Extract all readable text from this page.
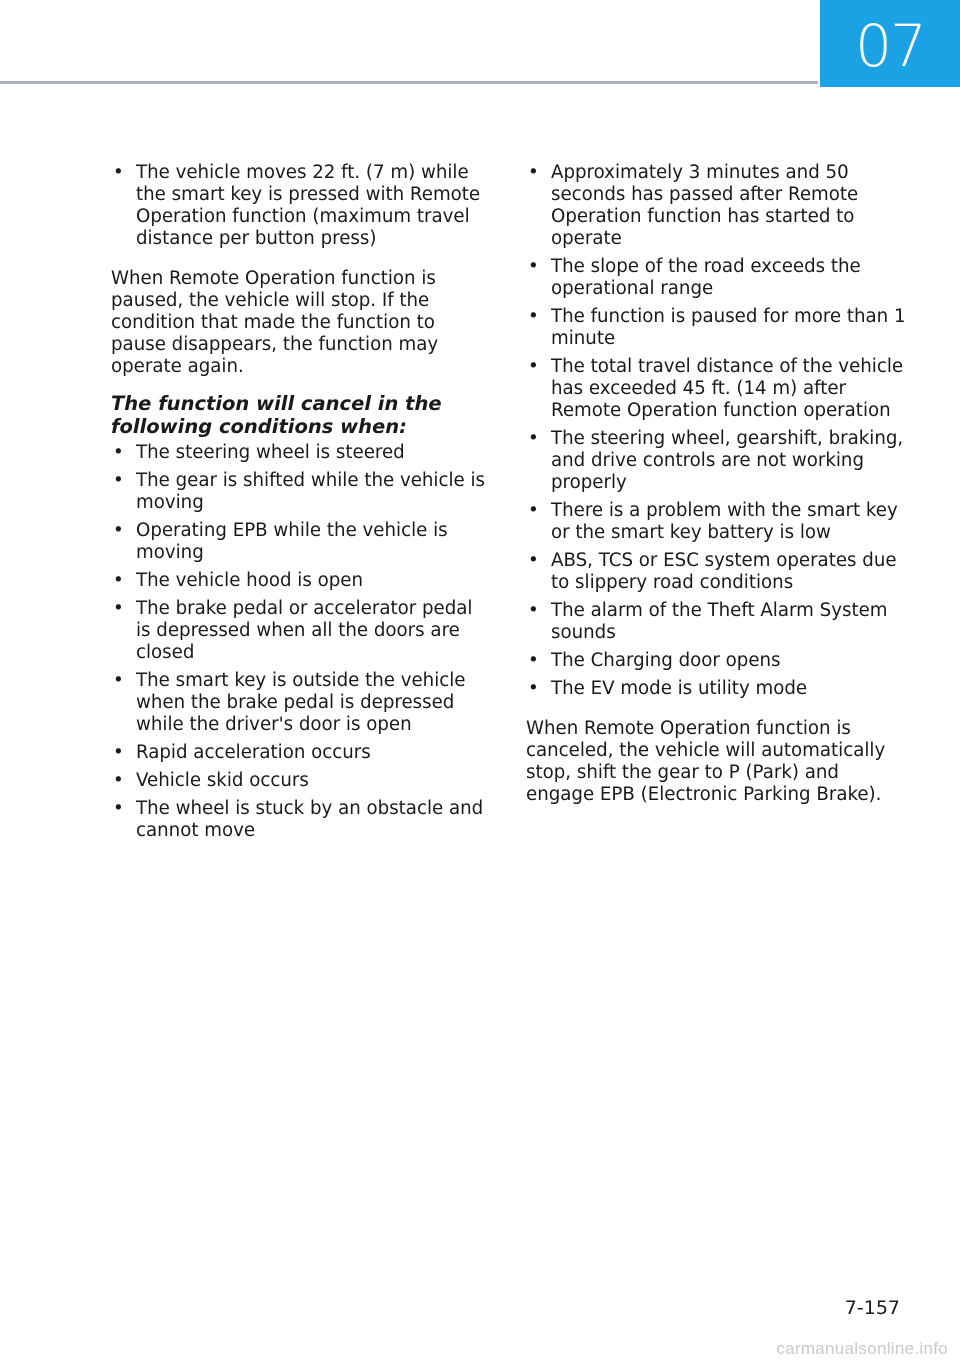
07
• The vehicle moves 22 ft. (7 m) while the smart key is pressed with Remote Operation function (maximum travel distance per button press)

When Remote Operation function is paused, the vehicle will stop. If the condition that made the function to pause disappears, the function may operate again.

The function will cancel in the following conditions when:
• The steering wheel is steered
• The gear is shifted while the vehicle is moving
• Operating EPB while the vehicle is moving
• The vehicle hood is open
• The brake pedal or accelerator pedal is depressed when all the doors are closed
• The smart key is outside the vehicle when the brake pedal is depressed while the driver's door is open
• Rapid acceleration occurs
• Vehicle skid occurs
• The wheel is stuck by an obstacle and cannot move
• Approximately 3 minutes and 50 seconds has passed after Remote Operation function has started to operate
• The slope of the road exceeds the operational range
• The function is paused for more than 1 minute
• The total travel distance of the vehicle has exceeded 45 ft. (14 m) after Remote Operation function operation
• The steering wheel, gearshift, braking, and drive controls are not working properly
• There is a problem with the smart key or the smart key battery is low
• ABS, TCS or ESC system operates due to slippery road conditions
• The alarm of the Theft Alarm System sounds
• The Charging door opens
• The EV mode is utility mode

When Remote Operation function is canceled, the vehicle will automatically stop, shift the gear to P (Park) and engage EPB (Electronic Parking Brake).

7-157
carmanualsonline.info
